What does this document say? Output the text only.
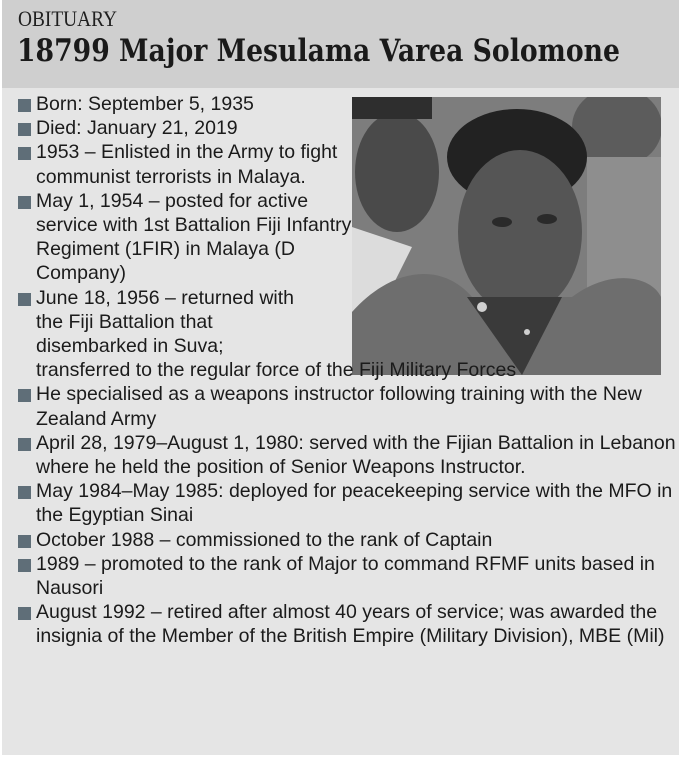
OBITUARY
18799 Major Mesulama Varea Solomone
Born: September 5, 1935
Died: January 21, 2019
1953 – Enlisted in the Army to fight communist terrorists in Malaya.
May 1, 1954 – posted for active service with 1st Battalion Fiji Infantry Regiment (1FIR) in Malaya (D Company)
June 18, 1956 – returned with the Fiji Battalion that disembarked in Suva;
transferred to the regular force of the Fiji Military Forces
He specialised as a weapons instructor following training with the New Zealand Army
April 28, 1979–August 1, 1980: served with the Fijian Battalion in Lebanon where he held the position of Senior Weapons Instructor.
May 1984–May 1985: deployed for peacekeeping service with the MFO in the Egyptian Sinai
October 1988 – commissioned to the rank of Captain
1989 – promoted to the rank of Major to command RFMF units based in Nausori
August 1992 – retired after almost 40 years of service; was awarded the insignia of the Member of the British Empire (Military Division), MBE (Mil)
